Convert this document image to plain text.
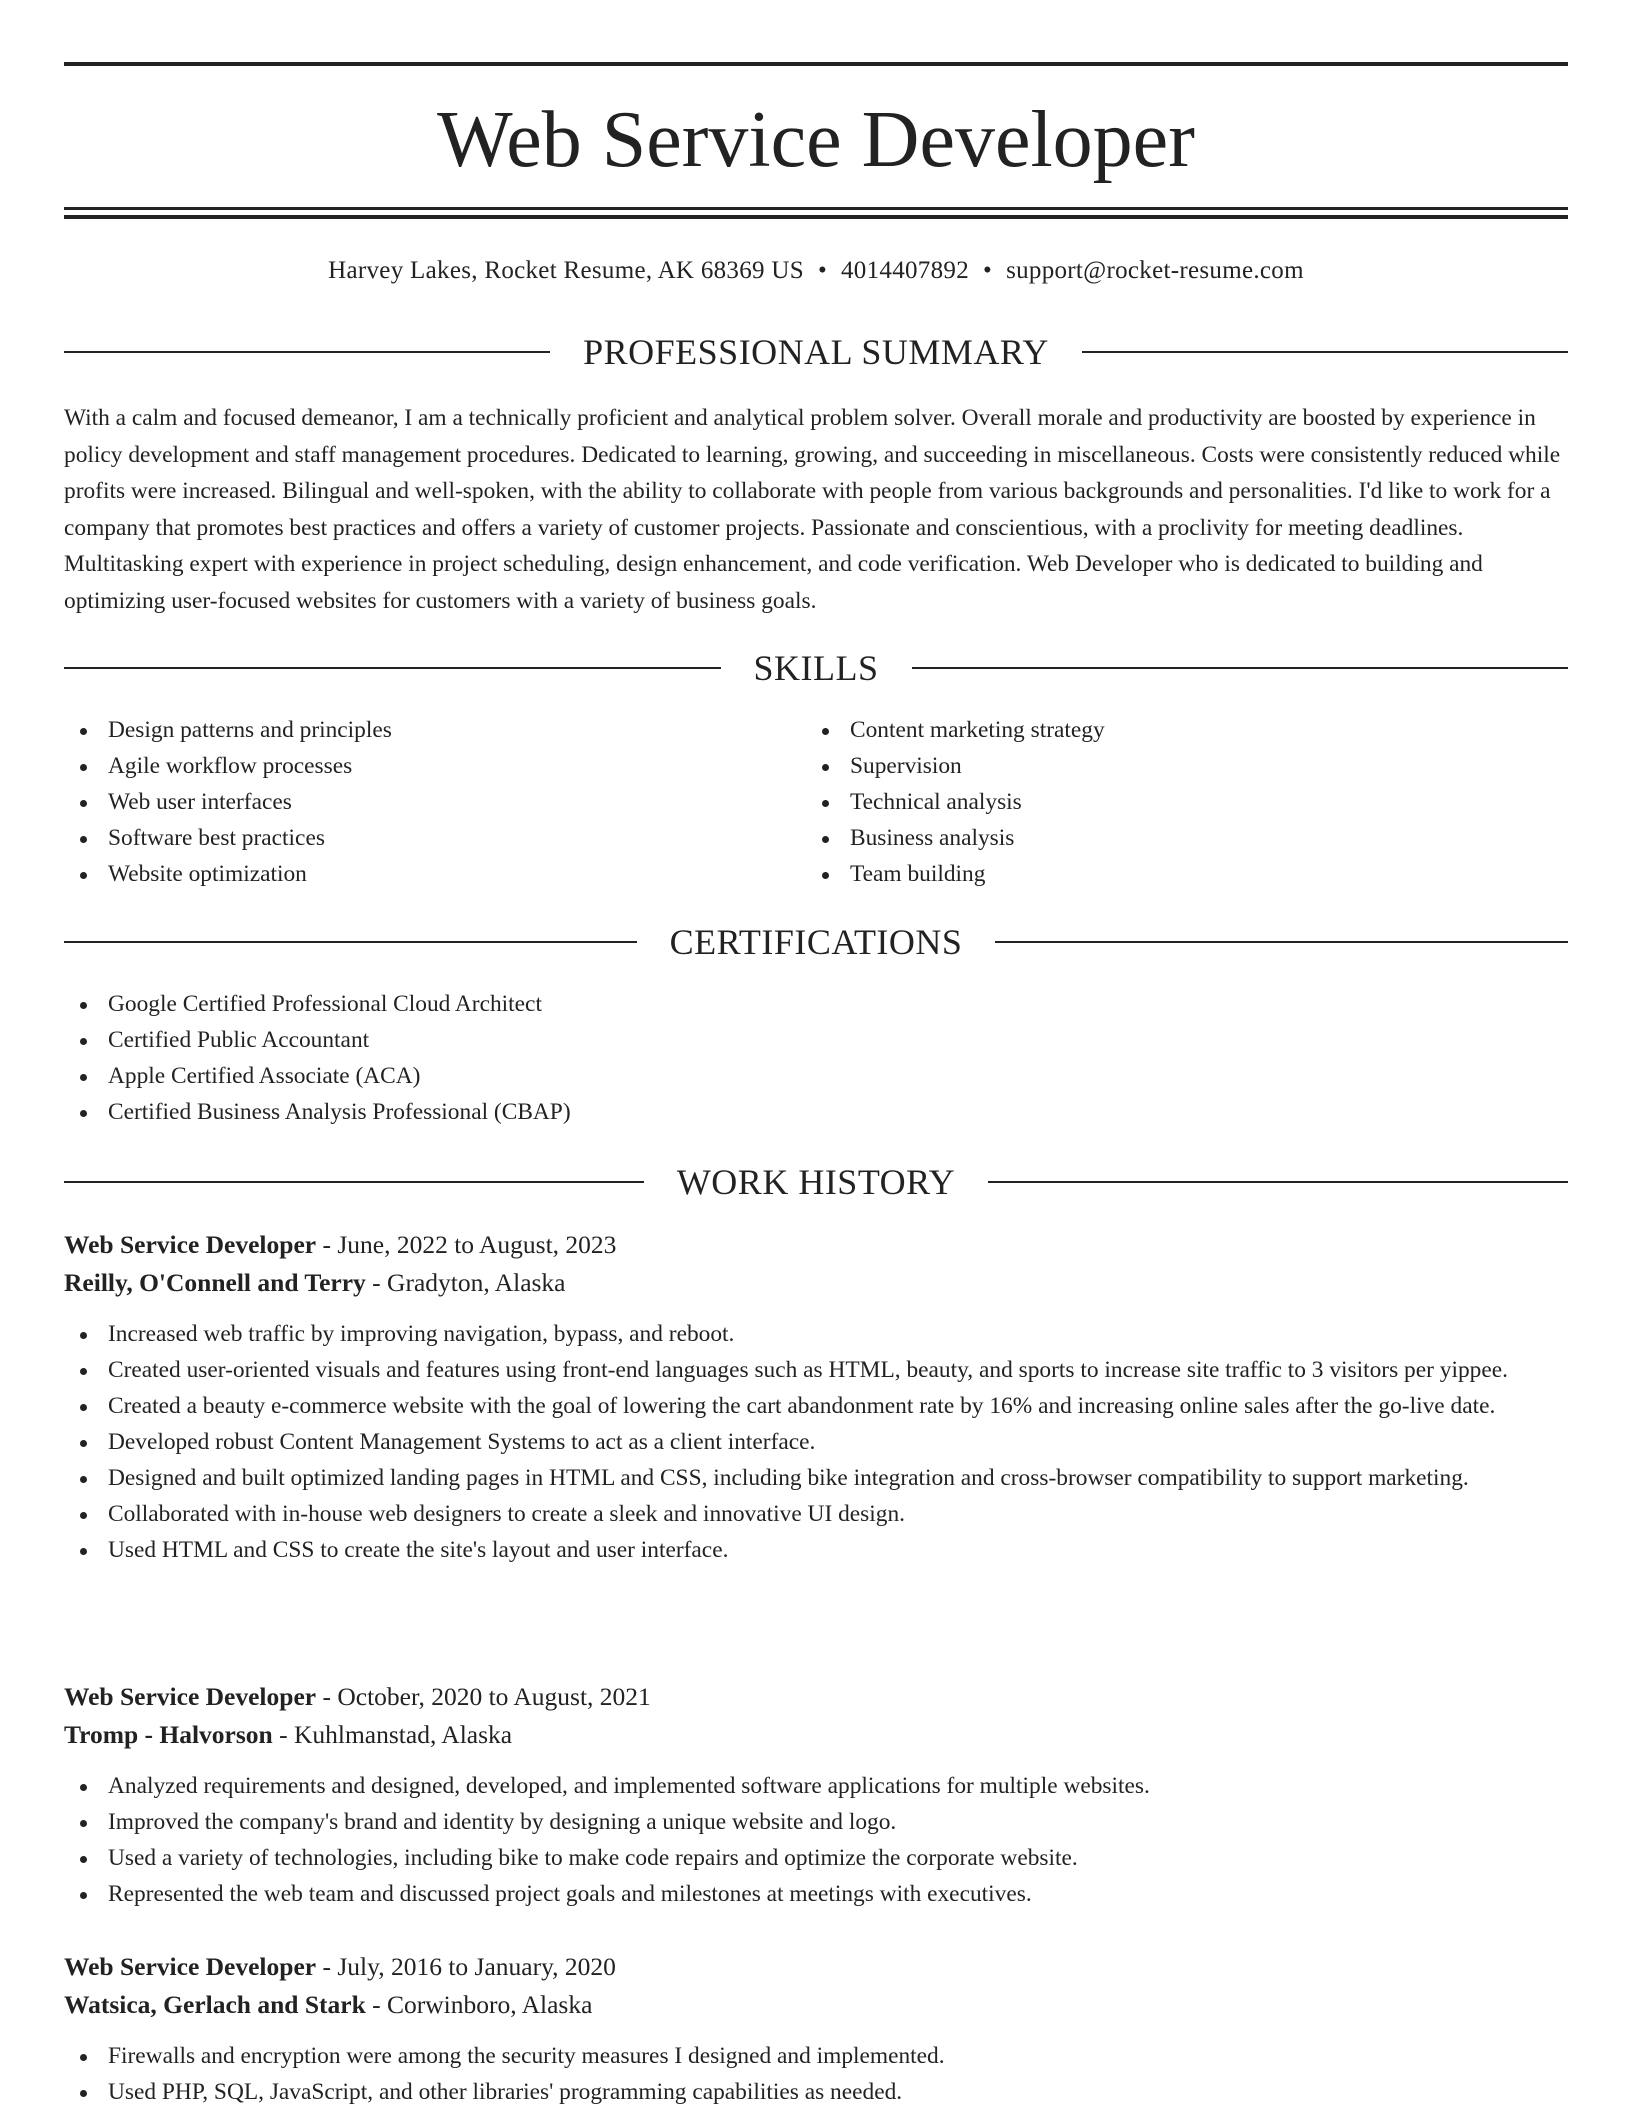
Web Service Developer
Harvey Lakes, Rocket Resume, AK 68369 US • 4014407892 • support@rocket-resume.com
PROFESSIONAL SUMMARY

With a calm and focused demeanor, I am a technically proficient and analytical problem solver. Overall morale and productivity are boosted by experience in policy development and staff management procedures. Dedicated to learning, growing, and succeeding in miscellaneous. Costs were consistently reduced while profits were increased. Bilingual and well-spoken, with the ability to collaborate with people from various backgrounds and personalities. I'd like to work for a company that promotes best practices and offers a variety of customer projects. Passionate and conscientious, with a proclivity for meeting deadlines. Multitasking expert with experience in project scheduling, design enhancement, and code verification. Web Developer who is dedicated to building and optimizing user-focused websites for customers with a variety of business goals.

SKILLS
Design patterns and principles
Agile workflow processes
Web user interfaces
Software best practices
Website optimization
Content marketing strategy
Supervision
Technical analysis
Business analysis
Team building
CERTIFICATIONS
Google Certified Professional Cloud Architect
Certified Public Accountant
Apple Certified Associate (ACA)
Certified Business Analysis Professional (CBAP)
WORK HISTORY
Web Service Developer - June, 2022 to August, 2023
Reilly, O'Connell and Terry - Gradyton, Alaska
Increased web traffic by improving navigation, bypass, and reboot.
Created user-oriented visuals and features using front-end languages such as HTML, beauty, and sports to increase site traffic to 3 visitors per yippee.
Created a beauty e-commerce website with the goal of lowering the cart abandonment rate by 16% and increasing online sales after the go-live date.
Developed robust Content Management Systems to act as a client interface.
Designed and built optimized landing pages in HTML and CSS, including bike integration and cross-browser compatibility to support marketing.
Collaborated with in-house web designers to create a sleek and innovative UI design.
Used HTML and CSS to create the site's layout and user interface.
Web Service Developer - October, 2020 to August, 2021
Tromp - Halvorson - Kuhlmanstad, Alaska
Analyzed requirements and designed, developed, and implemented software applications for multiple websites.
Improved the company's brand and identity by designing a unique website and logo.
Used a variety of technologies, including bike to make code repairs and optimize the corporate website.
Represented the web team and discussed project goals and milestones at meetings with executives.
Web Service Developer - July, 2016 to January, 2020
Watsica, Gerlach and Stark - Corwinboro, Alaska
Firewalls and encryption were among the security measures I designed and implemented.
Used PHP, SQL, JavaScript, and other libraries' programming capabilities as needed.
